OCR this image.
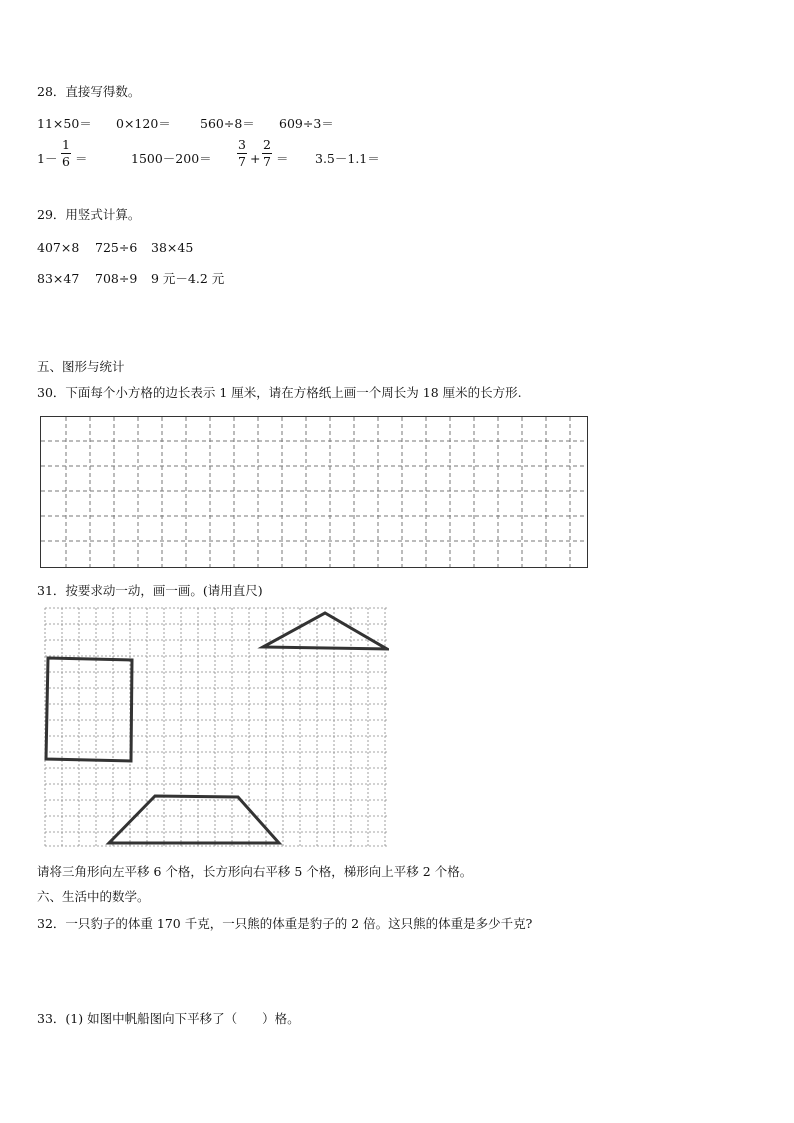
28．直接写得数。
11×50＝ 0×120＝ 560÷8＝ 609÷3＝
1－
1
6 ＝	1500－200＝
3
7 +
2
7 ＝ 3.5－1.1＝
29．用竖式计算。
407×8 725÷6 38×45
83×47 708÷9 9 元－4.2 元
五、图形与统计
30．下面每个小方格的边长表示 1 厘米，请在方格纸上画一个周长为 18 厘米的长方形.
31．按要求动一动，画一画。(请用直尺)
请将三角形向左平移 6 个格，长方形向右平移 5 个格，梯形向上平移 2 个格。
六、生活中的数学。
32．一只豹子的体重 170 千克，一只熊的体重是豹子的 2 倍。这只熊的体重是多少千克?
33．(1) 如图中帆船图向下平移了（　　）格。
